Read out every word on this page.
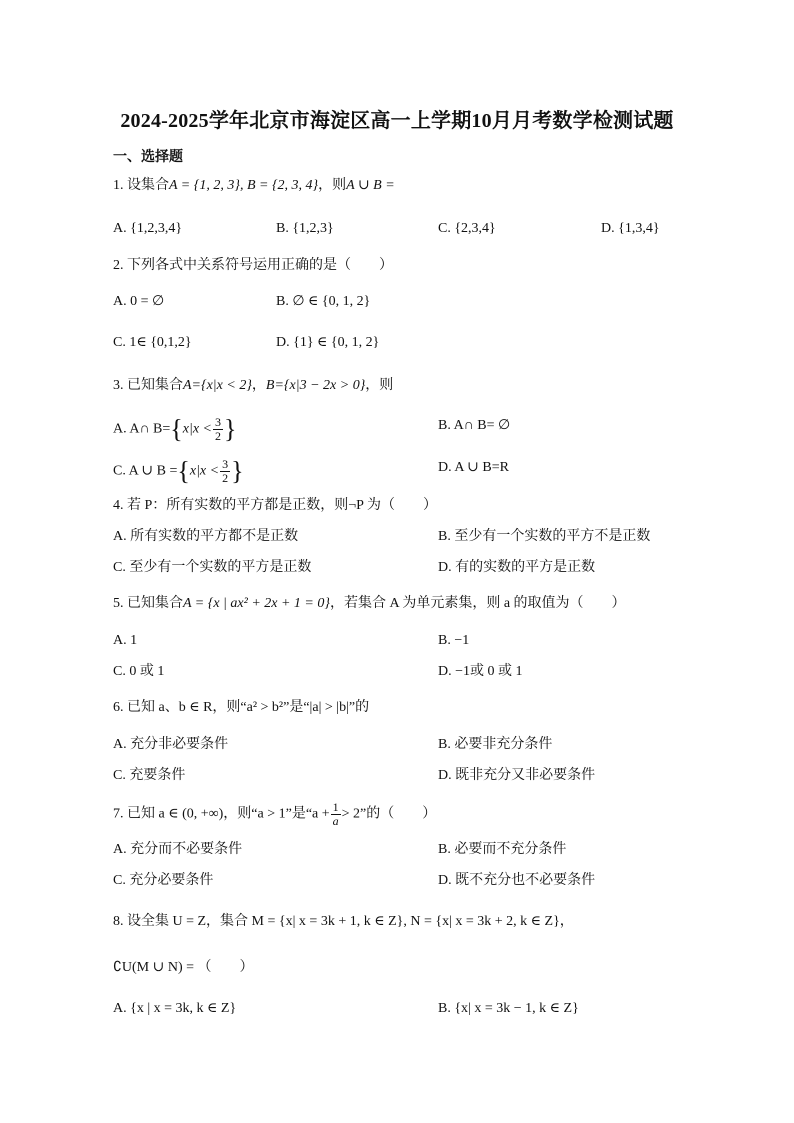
2024-2025学年北京市海淀区高一上学期10月月考数学检测试题
一、选择题
1. 设集合A = {1, 2, 3}, B = {2, 3, 4}，则A ∪ B =
A. {1,2,3,4}	B. {1,2,3}	C. {2,3,4}	D. {1,3,4}
2. 下列各式中关系符号运用正确的是（　　）
A. 0 = ∅	B. ∅ ∈ {0, 1, 2}
C. 1∈ {0,1,2}	D. {1} ∈ {0, 1, 2}
3. 已知集合A={x|x < 2}，B={x|3 − 2x > 0}，则
A. A∩ $B=\{x|x < \frac{3}{2}$ }	B. A∩ B= ∅
C. A ∪ $B =\{x|x < \frac{3}{2}$ }	D. A ∪ B=R
4. 若 P：所有实数的平方都是正数，则¬P 为（　　）
A. 所有实数的平方都不是正数	B. 至少有一个实数的平方不是正数
C. 至少有一个实数的平方是正数	D. 有的实数的平方是正数
5. 已知集合A = {x | ax² + 2x + 1 = 0}，若集合 A 为单元素集，则 a 的取值为（　　）
A. 1	B. −1
C. 0 或 1	D. −1或 0 或 1
6. 已知 a、b ∈ R，则“a² > b²”是“|a| > |b|”的
A. 充分非必要条件	B. 必要非充分条件
C. 充要条件	D. 既非充分又非必要条件
7. 已知 a ∈ (0, +∞)，则“a > 1”是“$a + \frac{1}{a} > 2$”的（　　）
A. 充分而不必要条件	B. 必要而不充分条件
C. 充分必要条件	D. 既不充分也不必要条件
8. 设全集 U = Z，集合 M = {x| x = 3k + 1, k ∈ Z}, N = {x| x = 3k + 2, k ∈ Z}，
∁U(M ∪ N) = （　　）
A. {x | x = 3k, k ∈ Z}	B. {x| x = 3k − 1, k ∈ Z}
